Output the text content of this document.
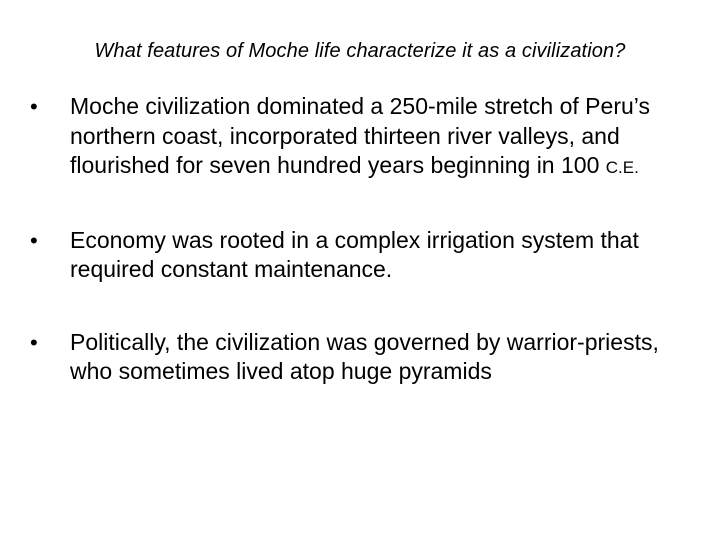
What features of Moche life characterize it as a civilization?
•	Moche civilization dominated a 250-mile stretch of Peru’s northern coast, incorporated thirteen river valleys, and flourished for seven hundred years beginning in 100 C.E.
•	Economy was rooted in a complex irrigation system that required constant maintenance.
•	Politically, the civilization was governed by warrior-priests, who sometimes lived atop huge pyramids
